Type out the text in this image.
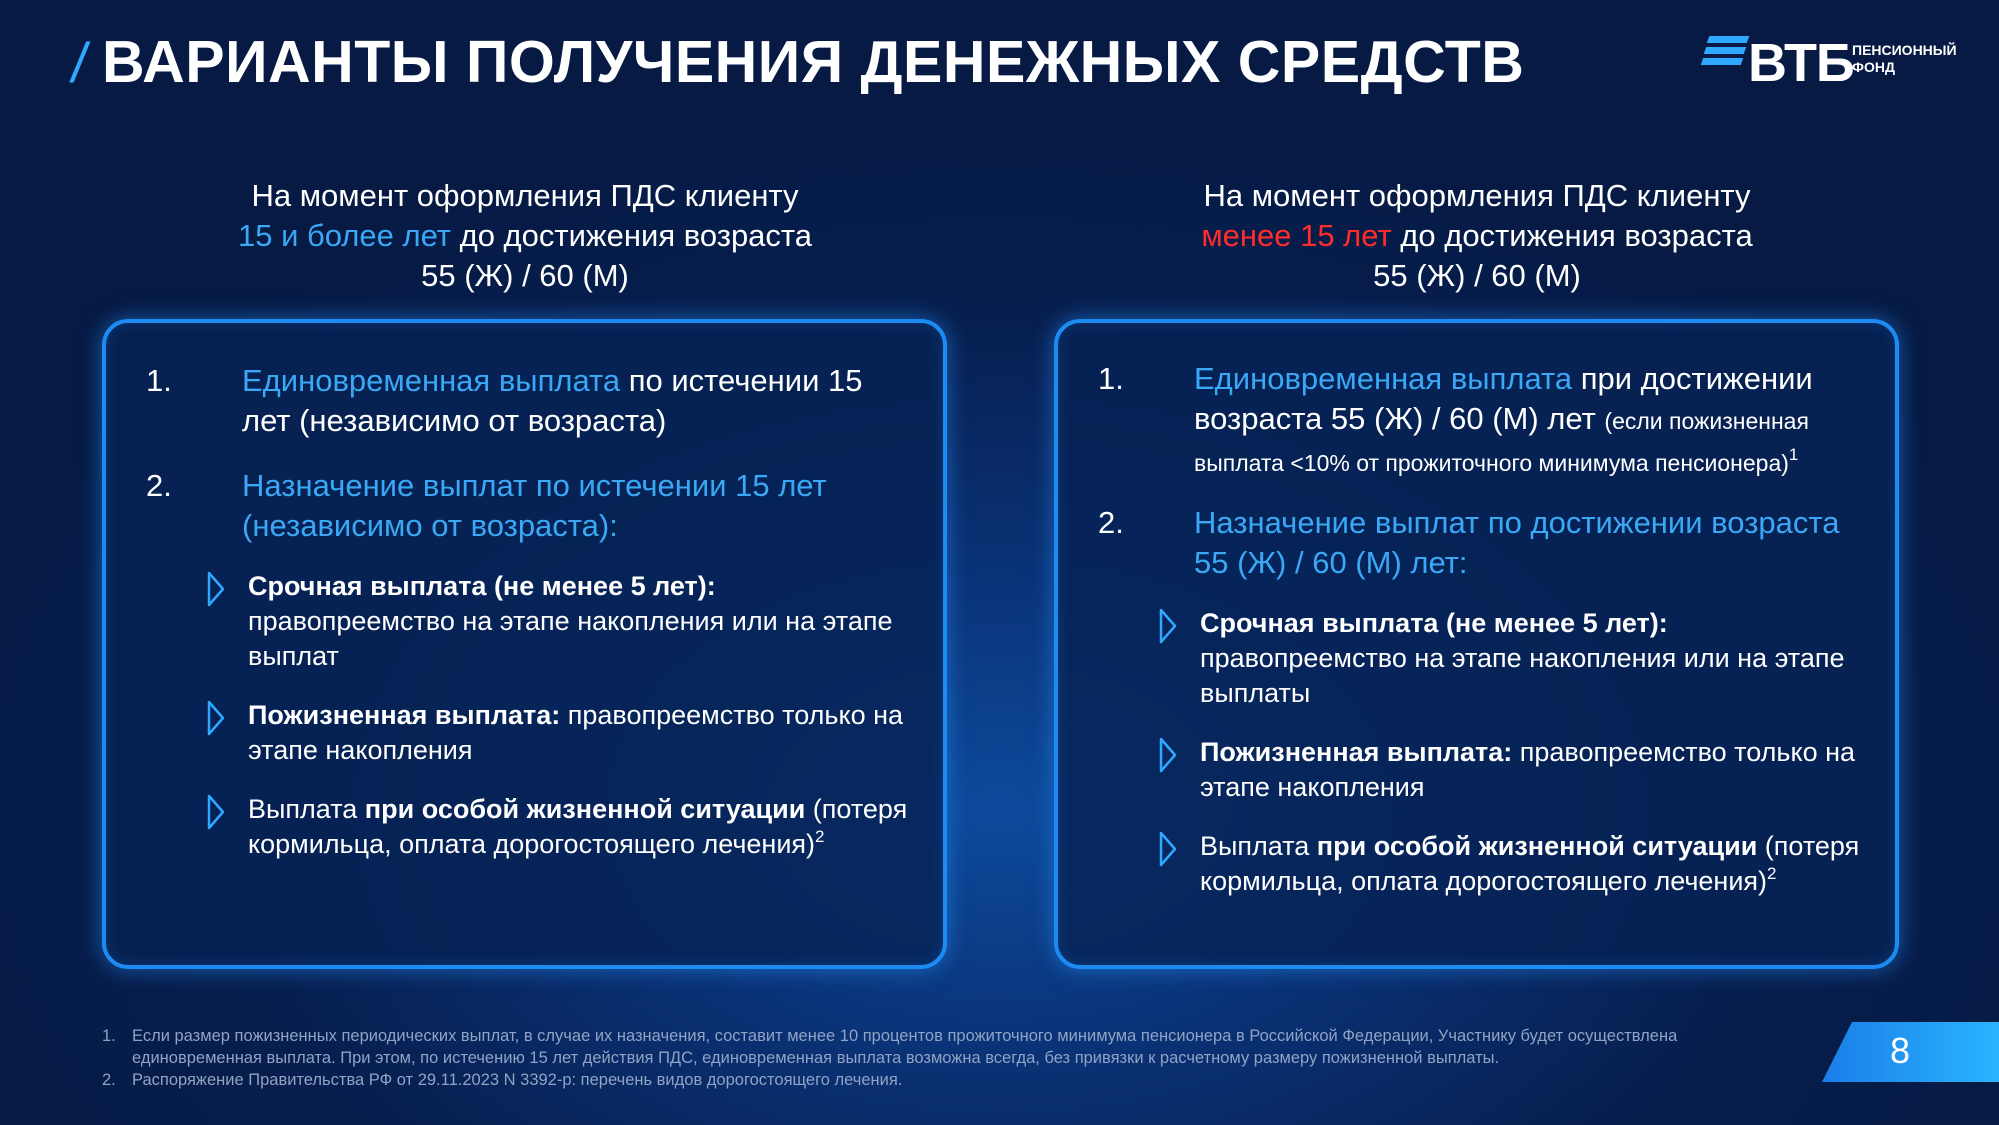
/ ВАРИАНТЫ ПОЛУЧЕНИЯ ДЕНЕЖНЫХ СРЕДСТВ	ВТБ
ПЕНСИОННЫЙ
ФОНД
На момент оформления ПДС клиенту
15 и более лет до достижения возраста
55 (Ж) / 60 (М)
На момент оформления ПДС клиенту
менее 15 лет до достижения возраста
55 (Ж) / 60 (М)
1.	Единовременная выплата по истечении 15 лет (независимо от возраста)
2.	Назначение выплат по истечении 15 лет (независимо от возраста):
Срочная выплата (не менее 5 лет):
правопреемство на этапе накопления или на этапе выплат
Пожизненная выплата: правопреемство только на этапе накопления
Выплата при особой жизненной ситуации (потеря кормильца, оплата дорогостоящего лечения)$^2$
1.	Единовременная выплата при достижении возраста 55 (Ж) / 60 (М) лет (если пожизненная выплата <10% от прожиточного минимума пенсионера)$^1$
2.	Назначение выплат по достижении возраста 55 (Ж) / 60 (М) лет:
Срочная выплата (не менее 5 лет):
правопреемство на этапе накопления или на этапе выплаты
Пожизненная выплата: правопреемство только на этапе накопления
Выплата при особой жизненной ситуации (потеря кормильца, оплата дорогостоящего лечения)$^2$
1. Если размер пожизненных периодических выплат, в случае их назначения, составит менее 10 процентов прожиточного минимума пенсионера в Российской Федерации, Участнику будет осуществлена единовременная выплата. При этом, по истечению 15 лет действия ПДС, единовременная выплата возможна всегда, без привязки к расчетному размеру пожизненной выплаты.
2. Распоряжение Правительства РФ от 29.11.2023 N 3392-р: перечень видов дорогостоящего лечения.
8
